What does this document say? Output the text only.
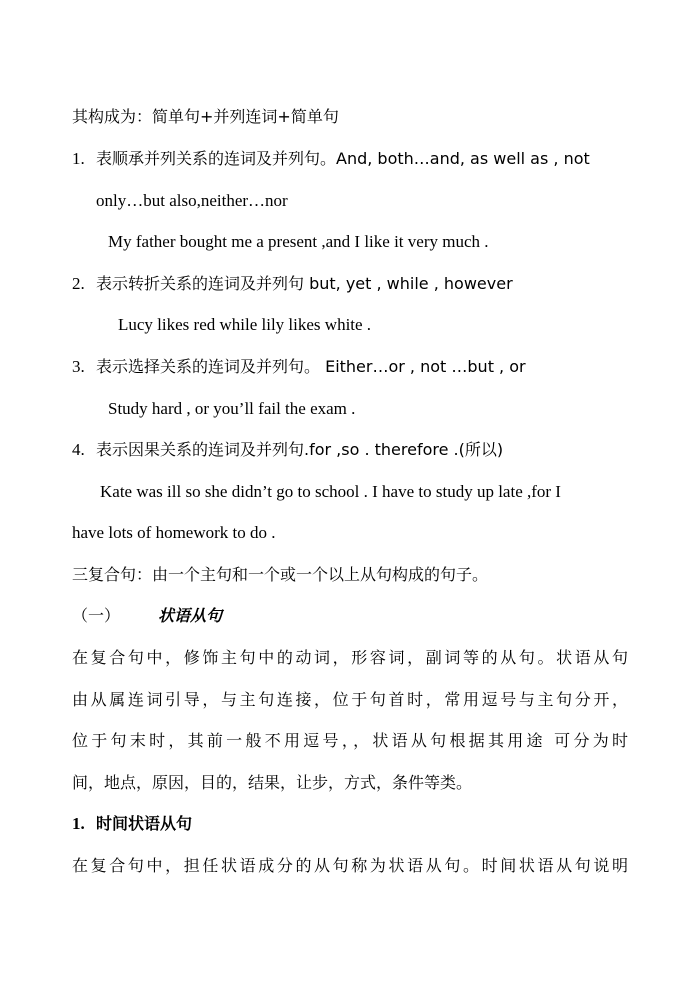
其构成为：简单句+并列连词+简单句
1. 表顺承并列关系的连词及并列句。And, both…and, as well as , not
only…but also,neither…nor
My father bought me a present ,and I like it very much .
2. 表示转折关系的连词及并列句 but, yet , while , however
Lucy likes red while lily likes white .
3. 表示选择关系的连词及并列句。 Either…or , not …but , or
Study hard , or you’ll fail the exam .
4. 表示因果关系的连词及并列句.for ,so . therefore .(所以)
Kate was ill so she didn’t go to school . I have to study up late ,for I
have lots of homework to do .
三复合句：由一个主句和一个或一个以上从句构成的句子。
（一） 状语从句
在复合句中，修饰主句中的动词，形容词，副词等的从句。状语从句
由从属连词引导，与主句连接，位于句首时，常用逗号与主句分开，
位于句末时，其前一般不用逗号，，状语从句根据其用途 可分为时
间，地点，原因，目的，结果，让步，方式，条件等类。
1. 时间状语从句
在复合句中，担任状语成分的从句称为状语从句。时间状语从句说明
